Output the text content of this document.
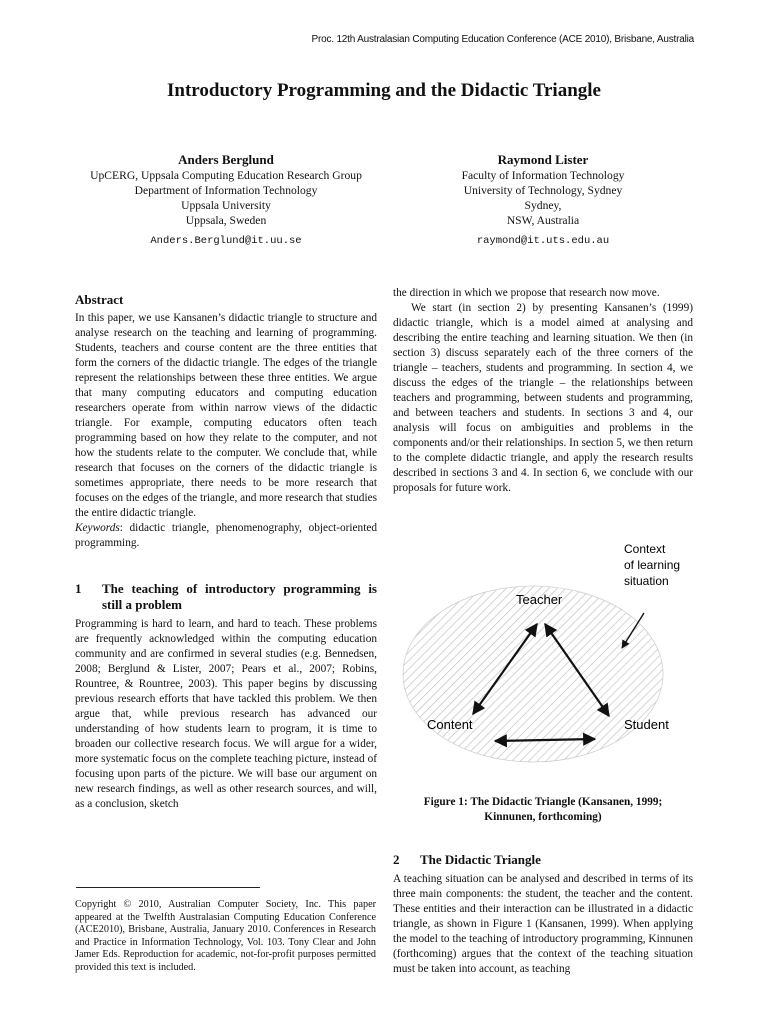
Proc. 12th Australasian Computing Education Conference (ACE 2010), Brisbane, Australia
Introductory Programming and the Didactic Triangle
Anders Berglund
UpCERG, Uppsala Computing Education Research Group
Department of Information Technology
Uppsala University
Uppsala, Sweden
Anders.Berglund@it.uu.se
Raymond Lister
Faculty of Information Technology
University of Technology, Sydney
Sydney,
NSW, Australia
raymond@it.uts.edu.au
Abstract

In this paper, we use Kansanen’s didactic triangle to structure and analyse research on the teaching and learning of programming. Students, teachers and course content are the three entities that form the corners of the didactic triangle. The edges of the triangle represent the relationships between these three entities. We argue that many computing educators and computing education researchers operate from within narrow views of the didactic triangle. For example, computing educators often teach programming based on how they relate to the computer, and not how the students relate to the computer. We conclude that, while research that focuses on the corners of the didactic triangle is sometimes appropriate, there needs to be more research that focuses on the edges of the triangle, and more research that studies the entire didactic triangle.

Keywords: didactic triangle, phenomenography, object-oriented programming.

1	The teaching of introductory programming is still a problem

Programming is hard to learn, and hard to teach. These problems are frequently acknowledged within the computing education community and are confirmed in several studies (e.g. Bennedsen, 2008; Berglund & Lister, 2007; Pears et al., 2007; Robins, Rountree, & Rountree, 2003). This paper begins by discussing previous research efforts that have tackled this problem. We then argue that, while previous research has advanced our understanding of how students learn to program, it is time to broaden our collective research focus. We will argue for a wider, more systematic focus on the complete teaching picture, instead of focusing upon parts of the picture. We will base our argument on new research findings, as well as other research sources, and will, as a conclusion, sketch

Copyright © 2010, Australian Computer Society, Inc. This paper appeared at the Twelfth Australasian Computing Education Conference (ACE2010), Brisbane, Australia, January 2010. Conferences in Research and Practice in Information Technology, Vol. 103. Tony Clear and John Jamer Eds. Reproduction for academic, not-for-profit purposes permitted provided this text is included.

the direction in which we propose that research now move.

We start (in section 2) by presenting Kansanen’s (1999) didactic triangle, which is a model aimed at analysing and describing the entire teaching and learning situation. We then (in section 3) discuss separately each of the three corners of the triangle – teachers, students and programming. In section 4, we discuss the edges of the triangle – the relationships between teachers and programming, between students and programming, and between teachers and students. In sections 3 and 4, our analysis will focus on ambiguities and problems in the components and/or their relationships. In section 5, we then return to the complete didactic triangle, and apply the research results described in sections 3 and 4. In section 6, we conclude with our proposals for future work.

Context
of learning
situation
Teacher
Content	Student
Figure 1: The Didactic Triangle (Kansanen, 1999;
Kinnunen, forthcoming)
2	The Didactic Triangle

A teaching situation can be analysed and described in terms of its three main components: the student, the teacher and the content. These entities and their interaction can be illustrated in a didactic triangle, as shown in Figure 1 (Kansanen, 1999). When applying the model to the teaching of introductory programming, Kinnunen (forthcoming) argues that the context of the teaching situation must be taken into account, as teaching
